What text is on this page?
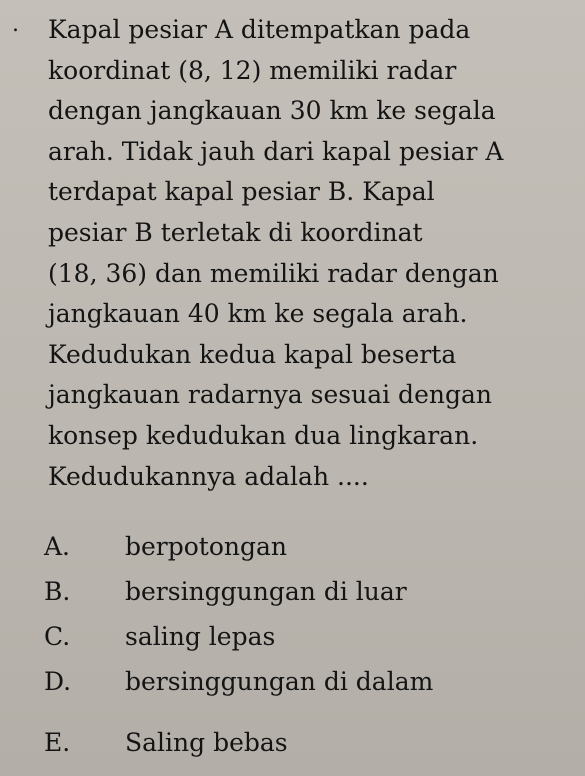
. Kapal pesiar A ditempatkan pada

koordinat (8, 12) memiliki radar

dengan jangkauan 30 km ke segala

arah. Tidak jauh dari kapal pesiar A

terdapat kapal pesiar B. Kapal

pesiar B terletak di koordinat

(18, 36) dan memiliki radar dengan

jangkauan 40 km ke segala arah.

Kedudukan kedua kapal beserta

jangkauan radarnya sesuai dengan

konsep kedudukan dua lingkaran.

Kedudukannya adalah ....

A. berpotongan
B. bersinggungan di luar
C. saling lepas
D. bersinggungan di dalam
E. Saling bebas
